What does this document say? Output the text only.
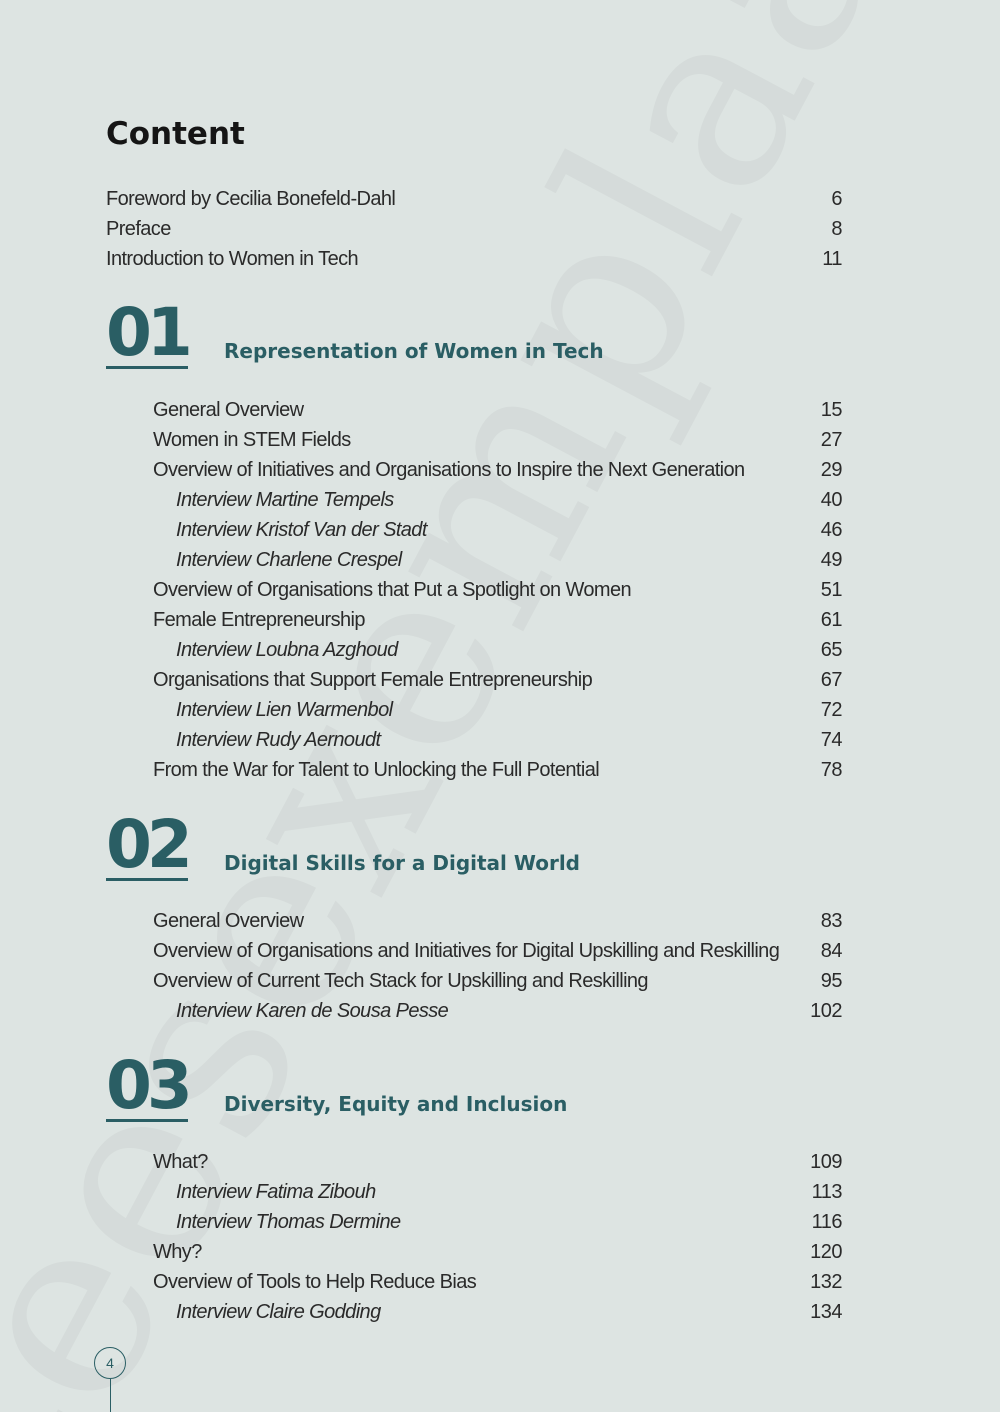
Content
Foreword by Cecilia Bonefeld-Dahl	6
Preface	8
Introduction to Women in Tech	11
01 Representation of Women in Tech
General Overview	15
Women in STEM Fields	27
Overview of Initiatives and Organisations to Inspire the Next Generation	29
Interview Martine Tempels	40
Interview Kristof Van der Stadt	46
Interview Charlene Crespel	49
Overview of Organisations that Put a Spotlight on Women	51
Female Entrepreneurship	61
Interview Loubna Azghoud	65
Organisations that Support Female Entrepreneurship	67
Interview Lien Warmenbol	72
Interview Rudy Aernoudt	74
From the War for Talent to Unlocking the Full Potential	78
02 Digital Skills for a Digital World
General Overview	83
Overview of Organisations and Initiatives for Digital Upskilling and Reskilling 84
Overview of Current Tech Stack for Upskilling and Reskilling	95
Interview Karen de Sousa Pesse	102
03 Diversity, Equity and Inclusion
What?	109
Interview Fatima Zibouh	113
Interview Thomas Dermine	116
Why?	120
Overview of Tools to Help Reduce Bias	132
Interview Claire Godding	134
4
